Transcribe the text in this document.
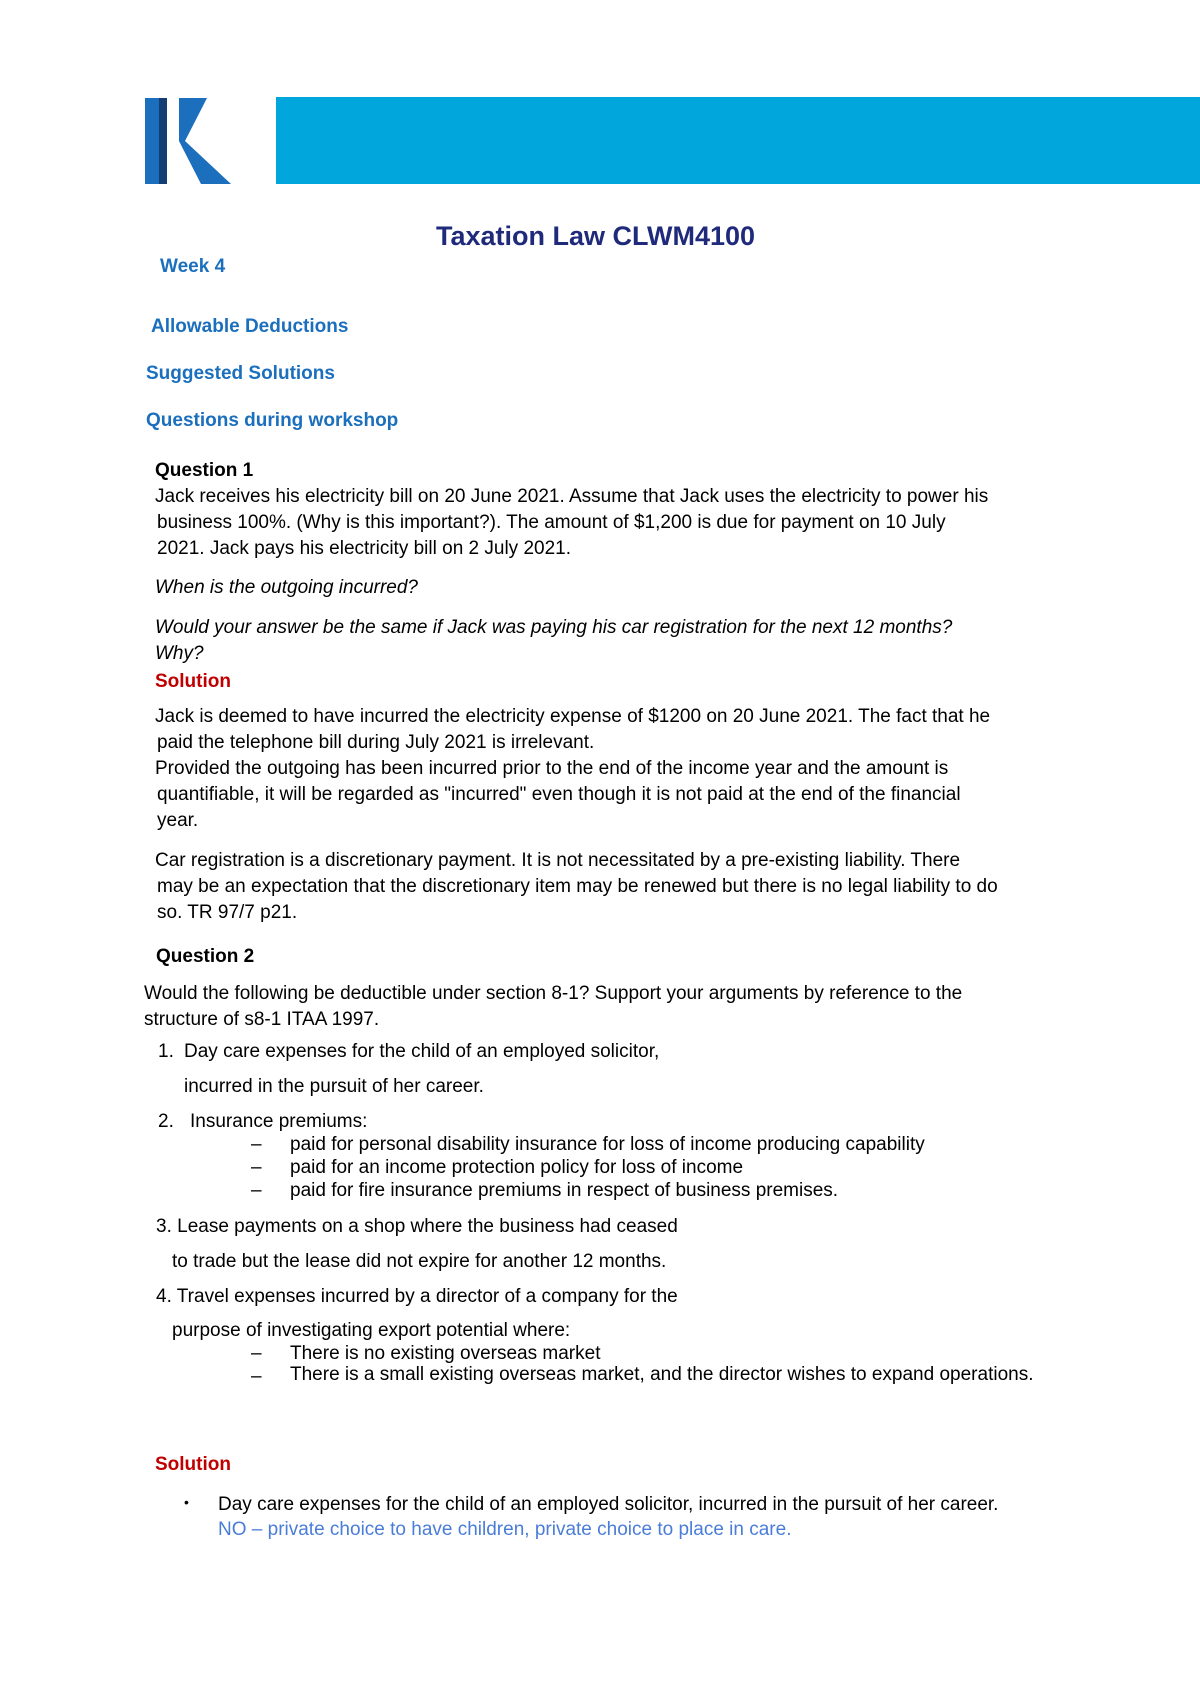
Taxation Law CLWM4100
Week 4
Allowable Deductions
Suggested Solutions
Questions during workshop
Question 1
Jack receives his electricity bill on 20 June 2021. Assume that Jack uses the electricity to power his
business 100%. (Why is this important?). The amount of $1,200 is due for payment on 10 July
2021. Jack pays his electricity bill on 2 July 2021.
When is the outgoing incurred?
Would your answer be the same if Jack was paying his car registration for the next 12 months?
Why?
Solution
Jack is deemed to have incurred the electricity expense of $1200 on 20 June 2021. The fact that he
paid the telephone bill during July 2021 is irrelevant.
Provided the outgoing has been incurred prior to the end of the income year and the amount is
quantifiable, it will be regarded as "incurred" even though it is not paid at the end of the financial
year.
Car registration is a discretionary payment. It is not necessitated by a pre-existing liability. There
may be an expectation that the discretionary item may be renewed but there is no legal liability to do
so. TR 97/7 p21.
Question 2
Would the following be deductible under section 8-1? Support your arguments by reference to the
structure of s8-1 ITAA 1997.
1. Day care expenses for the child of an employed solicitor,
incurred in the pursuit of her career.
2. Insurance premiums:
– paid for personal disability insurance for loss of income producing capability
– paid for an income protection policy for loss of income
– paid for fire insurance premiums in respect of business premises.
3. Lease payments on a shop where the business had ceased
to trade but the lease did not expire for another 12 months.
4. Travel expenses incurred by a director of a company for the
purpose of investigating export potential where:
– There is no existing overseas market
– There is a small existing overseas market, and the director wishes to expand operations.
Solution
• Day care expenses for the child of an employed solicitor, incurred in the pursuit of her career.
NO – private choice to have children, private choice to place in care.
